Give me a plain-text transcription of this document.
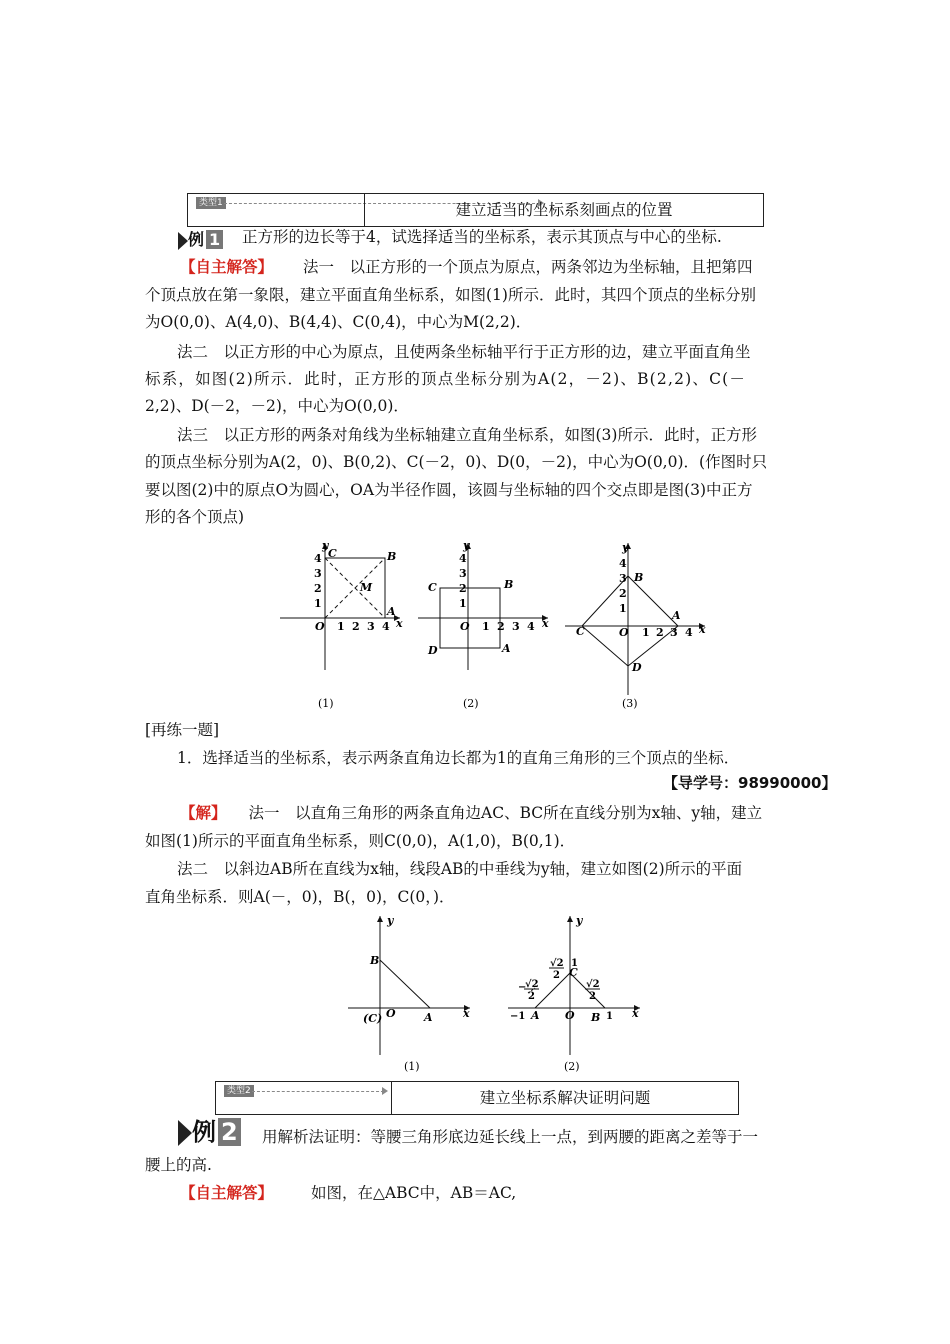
类型1	建立适当的坐标系刻画点的位置
例 1 正方形的边长等于4，试选择适当的坐标系，表示其顶点与中心的坐标.
【自主解答】 法一　以正方形的一个顶点为原点，两条邻边为坐标轴，且把第四
个顶点放在第一象限，建立平面直角坐标系，如图(1)所示．此时，其四个顶点的坐标分别
为O(0,0)、A(4,0)、B(4,4)、C(0,4)，中心为M(2,2)．
法二　以正方形的中心为原点，且使两条坐标轴平行于正方形的边，建立平面直角坐
标系，如图(2)所示．此时，正方形的顶点坐标分别为A(2，－2)、B(2,2)、C(－
2,2)、D(－2，－2)，中心为O(0,0)．
法三　以正方形的两条对角线为坐标轴建立直角坐标系，如图(3)所示．此时，正方形
的顶点坐标分别为A(2，0)、B(0,2)、C(－2，0)、D(0，－2)，中心为O(0,0)．(作图时只
要以图(2)中的原点O为圆心，OA为半径作圆，该圆与坐标轴的四个交点即是图(3)中正方
形的各个顶点)
y
4
3
2
1
O 1 2 3 4 x
C	B
A
M
(1)
y
4
3
2
1
O 1 2 3 4 x
C	B
A
D
(2)
y
4
3
2
1
O 1 2 3 4 x
B
A
C
D
(3)
[再练一题]
1．选择适当的坐标系，表示两条直角边长都为1的直角三角形的三个顶点的坐标．
【导学号：98990000】
【解】 法一　以直角三角形的两条直角边AC、BC所在直线分别为x轴、y轴，建立
如图(1)所示的平面直角坐标系，则C(0,0)，A(1,0)，B(0,1)．
法二　以斜边AB所在直线为x轴，线段AB的中垂线为y轴，建立如图(2)所示的平面
直角坐标系．则A(－，0)，B(，0)，C(0，)．
y
B
(C) O	A	x
(1)
y
√2
2
1
C
−
√2
2
√2
2
−1 A O B 1 x
(2)
类型2	建立坐标系解决证明问题
例 2 用解析法证明：等腰三角形底边延长线上一点，到两腰的距离之差等于一
腰上的高.
【自主解答】 如图，在△ABC中，AB＝AC,
